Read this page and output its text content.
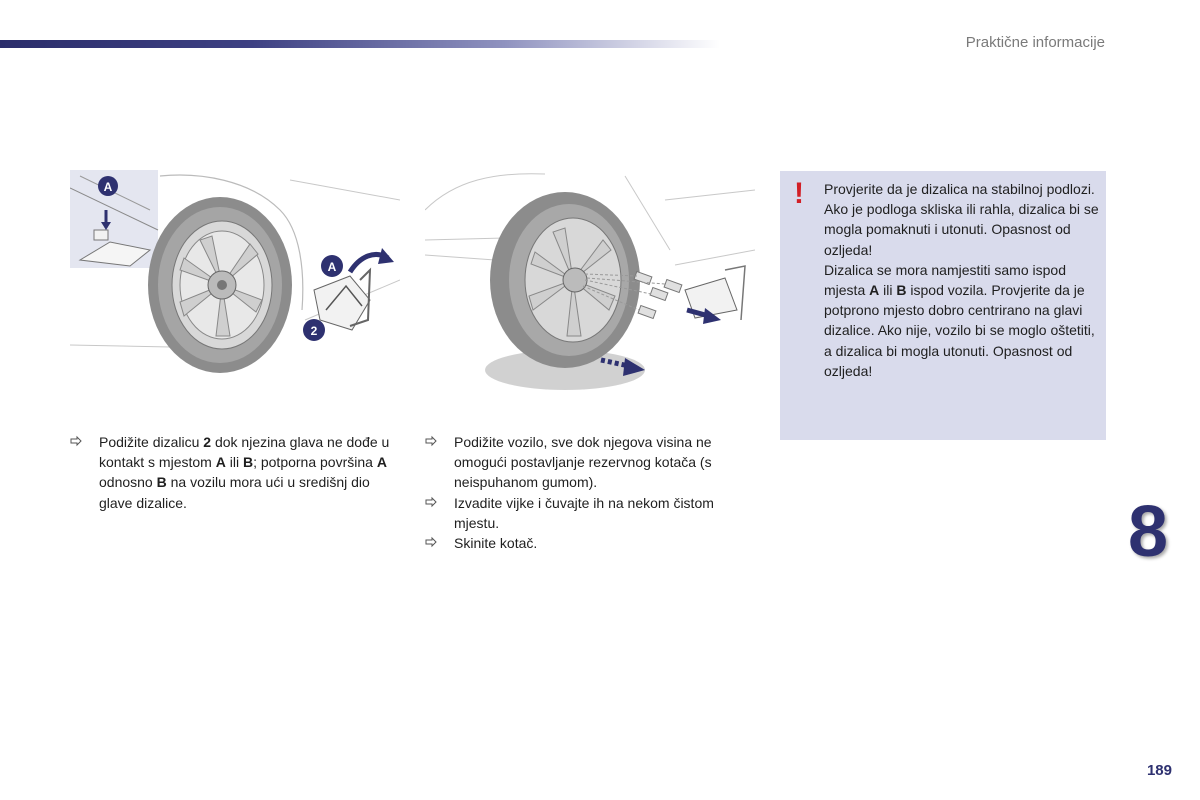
Praktične informacije
A
A
2
! Provjerite da je dizalica na stabilnoj podlozi. Ako je podloga skliska ili rahla, dizalica bi se mogla pomaknuti i utonuti. Opasnost od ozljeda!

Dizalica se mora namjestiti samo ispod mjesta A ili B ispod vozila. Provjerite da je potprono mjesto dobro centrirano na glavi dizalice. Ako nije, vozilo bi se moglo oštetiti, a dizalica bi mogla utonuti. Opasnost od ozljeda!

Podižite dizalicu 2 dok njezina glava ne dođe u kontakt s mjestom A ili B; potporna površina A odnosno B na vozilu mora ući u središnj dio glave dizalice.

Podižite vozilo, sve dok njegova visina ne omogući postavljanje rezervnog kotača (s neispuhanom gumom).

Izvadite vijke i čuvajte ih na nekom čistom mjestu.

Skinite kotač.	8
189
